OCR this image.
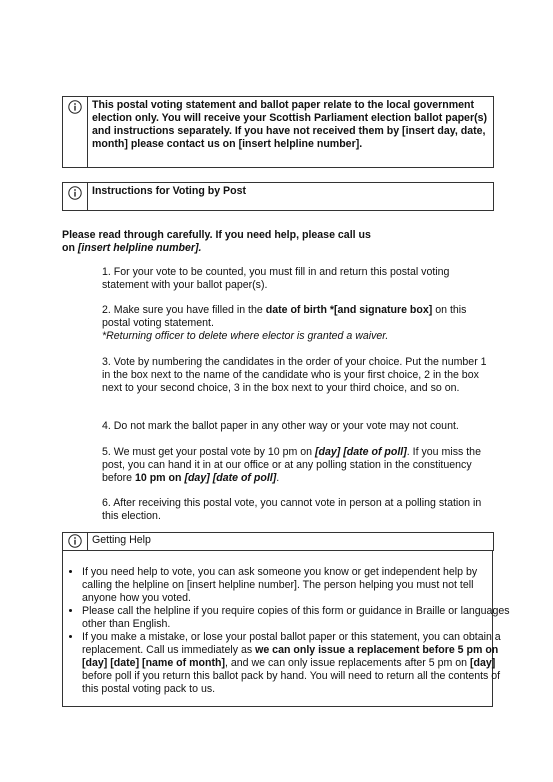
This postal voting statement and ballot paper relate to the local government election only. You will receive your Scottish Parliament election ballot paper(s) and instructions separately. If you have not received them by [insert day, date, month] please contact us on [insert helpline number].
Instructions for Voting by Post
Please read through carefully. If you need help, please call us
on [insert helpline number].
1. For your vote to be counted, you must fill in and return this postal voting statement with your ballot paper(s).
2. Make sure you have filled in the date of birth *[and signature box] on this postal voting statement.
*Returning officer to delete where elector is granted a waiver.
3. Vote by numbering the candidates in the order of your choice. Put the number 1 in the box next to the name of the candidate who is your first choice, 2 in the box next to your second choice, 3 in the box next to your third choice, and so on.
4. Do not mark the ballot paper in any other way or your vote may not count.
5. We must get your postal vote by 10 pm on [day] [date of poll]. If you miss the post, you can hand it in at our office or at any polling station in the constituency before 10 pm on [day] [date of poll].
6. After receiving this postal vote, you cannot vote in person at a polling station in this election.
Getting Help
• If you need help to vote, you can ask someone you know or get independent help by calling the helpline on [insert helpline number]. The person helping you must not tell anyone how you voted.
• Please call the helpline if you require copies of this form or guidance in Braille or languages other than English.
• If you make a mistake, or lose your postal ballot paper or this statement, you can obtain a replacement. Call us immediately as we can only issue a replacement before 5 pm on [day] [date] [name of month], and we can only issue replacements after 5 pm on [day] before poll if you return this ballot pack by hand. You will need to return all the contents of this postal voting pack to us.
